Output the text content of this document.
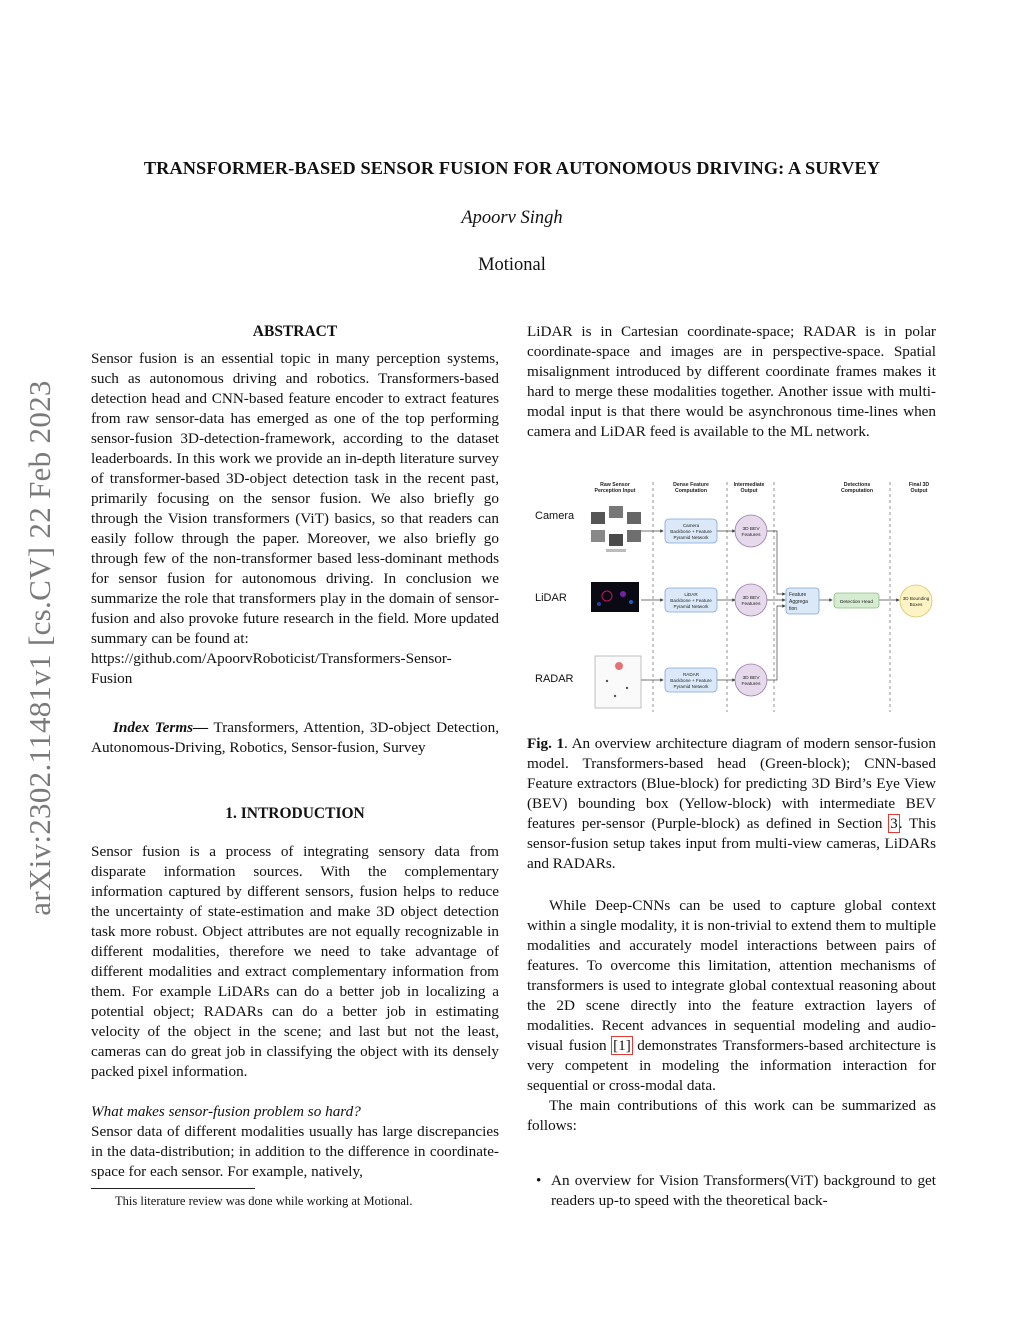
arXiv:2302.11481v1 [cs.CV] 22 Feb 2023
TRANSFORMER-BASED SENSOR FUSION FOR AUTONOMOUS DRIVING: A SURVEY
Apoorv Singh
Motional

ABSTRACT

Sensor fusion is an essential topic in many perception systems, such as autonomous driving and robotics. Transformers-based detection head and CNN-based feature encoder to extract features from raw sensor-data has emerged as one of the top performing sensor-fusion 3D-detection-framework, according to the dataset leaderboards. In this work we provide an in-depth literature survey of transformer-based 3D-object detection task in the recent past, primarily focusing on the sensor fusion. We also briefly go through the Vision transformers (ViT) basics, so that readers can easily follow through the paper. Moreover, we also briefly go through few of the non-transformer based less-dominant methods for sensor fusion for autonomous driving. In conclusion we summarize the role that transformers play in the domain of sensor-fusion and also provoke future research in the field. More updated summary can be found at:

https://github.com/ApoorvRoboticist/Transformers-Sensor-

Fusion

Index Terms— Transformers, Attention, 3D-object Detection, Autonomous-Driving, Robotics, Sensor-fusion, Survey

1. INTRODUCTION

Sensor fusion is a process of integrating sensory data from disparate information sources. With the complementary information captured by different sensors, fusion helps to reduce the uncertainty of state-estimation and make 3D object detection task more robust. Object attributes are not equally recognizable in different modalities, therefore we need to take advantage of different modalities and extract complementary information from them. For example LiDARs can do a better job in localizing a potential object; RADARs can do a better job in estimating velocity of the object in the scene; and last but not the least, cameras can do great job in classifying the object with its densely packed pixel information.

What makes sensor-fusion problem so hard?

Sensor data of different modalities usually has large discrepancies in the data-distribution; in addition to the difference in coordinate-space for each sensor. For example, natively,

This literature review was done while working at Motional.

LiDAR is in Cartesian coordinate-space; RADAR is in polar coordinate-space and images are in perspective-space. Spatial misalignment introduced by different coordinate frames makes it hard to merge these modalities together. Another issue with multi-modal input is that there would be asynchronous time-lines when camera and LiDAR feed is available to the ML network.

Raw Sensor
Perception Input
Dense Feature
Computation
Intermediate
Output
Detections
Computation
Final 3D
Output
Camera
LiDAR
RADAR
Camera
Backbone + Feature
Pyramid Network
LiDAR
Backbone + Feature
Pyramid Network
RADAR
Backbone + Feature
Pyramid Network
3D BEV
Features
3D BEV
Features
3D BEV
Features
Feature
Aggrega
tion
Detection Head
3D Bounding
Boxes

Fig. 1. An overview architecture diagram of modern sensor-fusion model. Transformers-based head (Green-block); CNN-based Feature extractors (Blue-block) for predicting 3D Bird’s Eye View (BEV) bounding box (Yellow-block) with intermediate BEV features per-sensor (Purple-block) as defined in Section 3. This sensor-fusion setup takes input from multi-view cameras, LiDARs and RADARs.

While Deep-CNNs can be used to capture global context within a single modality, it is non-trivial to extend them to multiple modalities and accurately model interactions between pairs of features. To overcome this limitation, attention mechanisms of transformers is used to integrate global contextual reasoning about the 2D scene directly into the feature extraction layers of modalities. Recent advances in sequential modeling and audio-visual fusion [1] demonstrates Transformers-based architecture is very competent in modeling the information interaction for sequential or cross-modal data.

The main contributions of this work can be summarized as follows:

• An overview for Vision Transformers(ViT) background to get readers up-to speed with the theoretical back-
